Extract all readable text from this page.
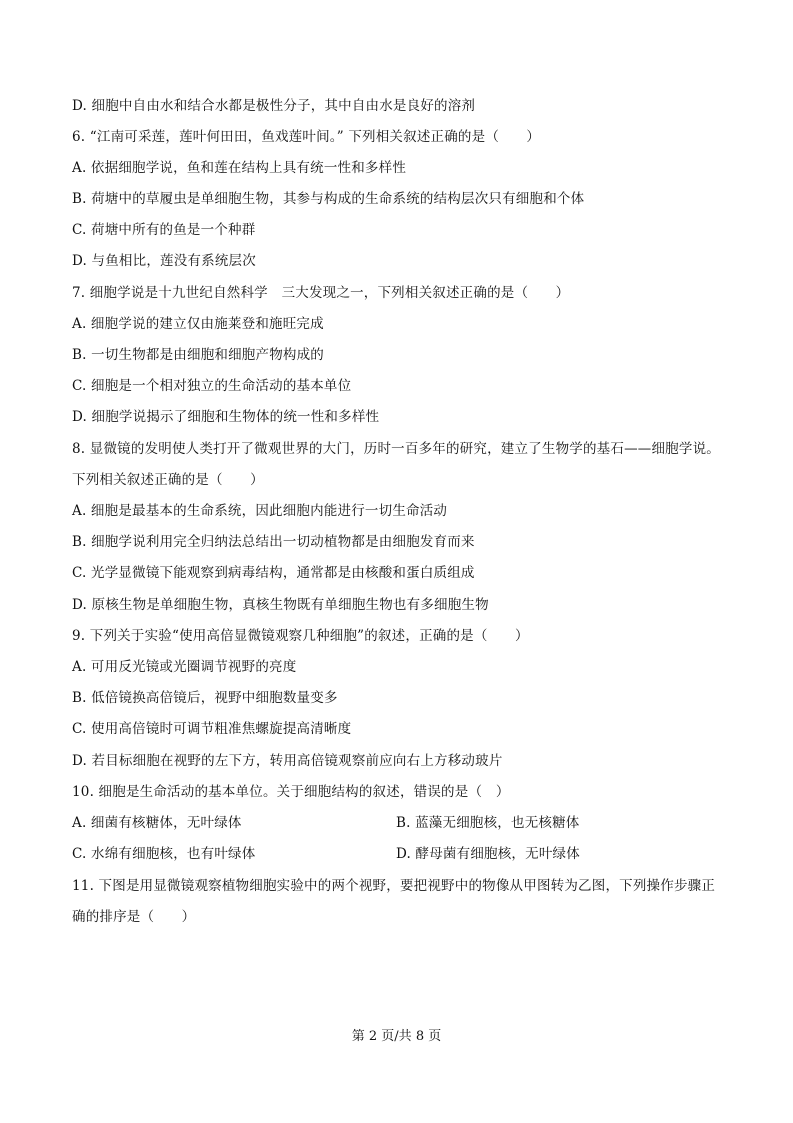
D. 细胞中自由水和结合水都是极性分子，其中自由水是良好的溶剂
6. “江南可采莲，莲叶何田田，鱼戏莲叶间。” 下列相关叙述正确的是（　　）
A. 依据细胞学说，鱼和莲在结构上具有统一性和多样性
B. 荷塘中的草履虫是单细胞生物，其参与构成的生命系统的结构层次只有细胞和个体
C. 荷塘中所有的鱼是一个种群
D. 与鱼相比，莲没有系统层次
7. 细胞学说是十九世纪自然科学　三大发现之一，下列相关叙述正确的是（　　）
A. 细胞学说的建立仅由施莱登和施旺完成
B. 一切生物都是由细胞和细胞产物构成的
C. 细胞是一个相对独立的生命活动的基本单位
D. 细胞学说揭示了细胞和生物体的统一性和多样性
8. 显微镜的发明使人类打开了微观世界的大门，历时一百多年的研究，建立了生物学的基石——细胞学说。
下列相关叙述正确的是（　　）
A. 细胞是最基本的生命系统，因此细胞内能进行一切生命活动
B. 细胞学说利用完全归纳法总结出一切动植物都是由细胞发育而来
C. 光学显微镜下能观察到病毒结构，通常都是由核酸和蛋白质组成
D. 原核生物是单细胞生物，真核生物既有单细胞生物也有多细胞生物
9. 下列关于实验“使用高倍显微镜观察几种细胞”的叙述，正确的是（　　）
A. 可用反光镜或光圈调节视野的亮度
B. 低倍镜换高倍镜后，视野中细胞数量变多
C. 使用高倍镜时可调节粗准焦螺旋提高清晰度
D. 若目标细胞在视野的左下方，转用高倍镜观察前应向右上方移动玻片
10. 细胞是生命活动的基本单位。关于细胞结构的叙述，错误的是（　）
A. 细菌有核糖体，无叶绿体	B. 蓝藻无细胞核，也无核糖体
C. 水绵有细胞核，也有叶绿体	D. 酵母菌有细胞核，无叶绿体
11. 下图是用显微镜观察植物细胞实验中的两个视野，要把视野中的物像从甲图转为乙图，下列操作步骤正
确的排序是（　　）
第 2 页/共 8 页
